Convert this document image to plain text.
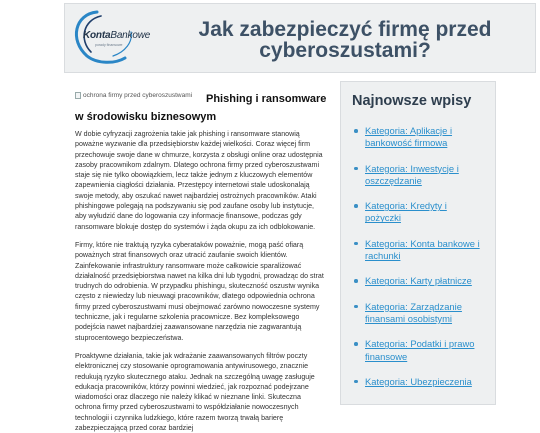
KontaBankowe
porady finansowe
Jak zabezpieczyć firmę przed cyberoszustami?
Phishing i ransomware w środowisku biznesowym
ochrona firmy przed cyberoszustwami

W dobie cyfryzacji zagrożenia takie jak phishing i ransomware stanowią poważne wyzwanie dla przedsiębiorstw każdej wielkości. Coraz więcej firm przechowuje swoje dane w chmurze, korzysta z obsługi online oraz udostępnia zasoby pracownikom zdalnym. Dlatego ochrona firmy przed cyberoszustwami staje się nie tylko obowiązkiem, lecz także jednym z kluczowych elementów zapewnienia ciągłości działania. Przestępcy internetowi stale udoskonalają swoje metody, aby oszukać nawet najbardziej ostrożnych pracowników. Ataki phishingowe polegają na podszywaniu się pod zaufane osoby lub instytucje, aby wyłudzić dane do logowania czy informacje finansowe, podczas gdy ransomware blokuje dostęp do systemów i żąda okupu za ich odblokowanie.

Firmy, które nie traktują ryzyka cyberataków poważnie, mogą paść ofiarą poważnych strat finansowych oraz utracić zaufanie swoich klientów. Zainfekowanie infrastruktury ransomware może całkowicie sparaliżować działalność przedsiębiorstwa nawet na kilka dni lub tygodni, prowadząc do strat trudnych do odrobienia. W przypadku phishingu, skuteczność oszustw wynika często z niewiedzy lub nieuwagi pracowników, dlatego odpowiednia ochrona firmy przed cyberoszustwami musi obejmować zarówno nowoczesne systemy techniczne, jak i regularne szkolenia pracownicze. Bez kompleksowego podejścia nawet najbardziej zaawansowane narzędzia nie zagwarantują stuprocentowego bezpieczeństwa.

Proaktywne działania, takie jak wdrażanie zaawansowanych filtrów poczty elektronicznej czy stosowanie oprogramowania antywirusowego, znacznie redukują ryzyko skutecznego ataku. Jednak na szczególną uwagę zasługuje edukacja pracowników, którzy powinni wiedzieć, jak rozpoznać podejrzane wiadomości oraz dlaczego nie należy klikać w nieznane linki. Skuteczna ochrona firmy przed cyberoszustwami to współdziałanie nowoczesnych technologii i czynnika ludzkiego, które razem tworzą trwałą barierę zabezpieczającą przed coraz bardziej

Najnowsze wpisy
Kategoria: Aplikacje i bankowość firmowa
Kategoria: Inwestycje i oszczędzanie
Kategoria: Kredyty i pożyczki
Kategoria: Konta bankowe i rachunki
Kategoria: Karty płatnicze
Kategoria: Zarządzanie finansami osobistymi
Kategoria: Podatki i prawo finansowe
Kategoria: Ubezpieczenia
